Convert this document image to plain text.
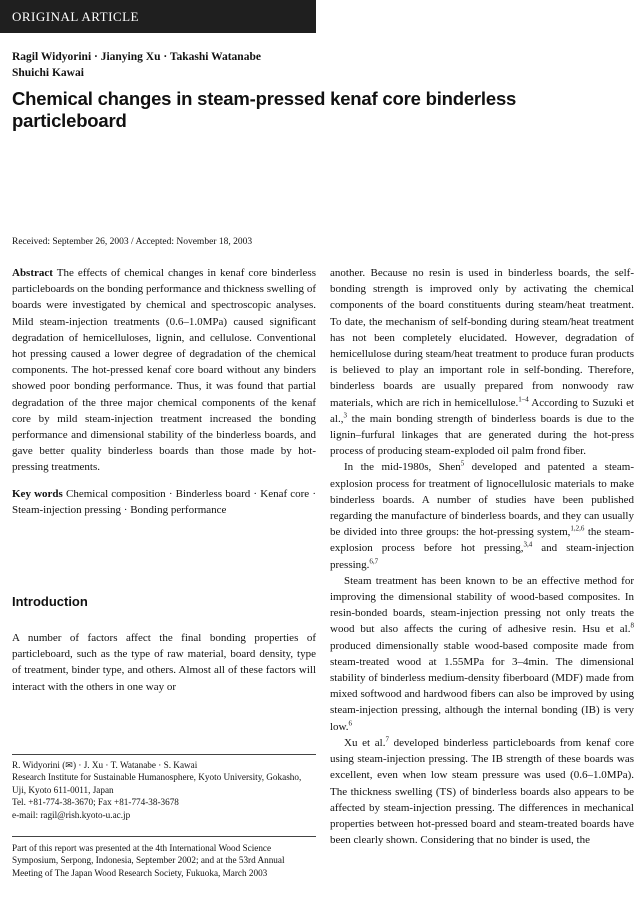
ORIGINAL ARTICLE
Ragil Widyorini · Jianying Xu · Takashi Watanabe
Shuichi Kawai
Chemical changes in steam-pressed kenaf core binderless particleboard
Received: September 26, 2003 / Accepted: November 18, 2003

Abstract The effects of chemical changes in kenaf core binderless particleboards on the bonding performance and thickness swelling of boards were investigated by chemical and spectroscopic analyses. Mild steam-injection treatments (0.6–1.0MPa) caused significant degradation of hemicelluloses, lignin, and cellulose. Conventional hot pressing caused a lower degree of degradation of the chemical components. The hot-pressed kenaf core board without any binders showed poor bonding performance. Thus, it was found that partial degradation of the three major chemical components of the kenaf core by mild steam-injection treatment increased the bonding performance and dimensional stability of the binderless boards, and gave better quality binderless boards than those made by hot-pressing treatments.

Key words Chemical composition · Binderless board · Kenaf core · Steam-injection pressing · Bonding performance

Introduction
A number of factors affect the final bonding properties of particleboard, such as the type of raw material, board density, type of treatment, binder type, and others. Almost all of these factors will interact with the others in one way or

R. Widyorini (✉) · J. Xu · T. Watanabe · S. Kawai

Research Institute for Sustainable Humanosphere, Kyoto University, Gokasho, Uji, Kyoto 611-0011, Japan

Tel. +81-774-38-3670; Fax +81-774-38-3678

e-mail: ragil@rish.kyoto-u.ac.jp

Part of this report was presented at the 4th International Wood Science Symposium, Serpong, Indonesia, September 2002; and at the 53rd Annual Meeting of The Japan Wood Research Society, Fukuoka, March 2003

another. Because no resin is used in binderless boards, the self-bonding strength is improved only by activating the chemical components of the board constituents during steam/heat treatment. To date, the mechanism of self-bonding during steam/heat treatment has not been completely elucidated. However, degradation of hemicellulose during steam/heat treatment to produce furan products is believed to play an important role in self-bonding. Therefore, binderless boards are usually prepared from nonwoody raw materials, which are rich in hemicellulose.$^{1-4}$ According to Suzuki et al.,$^3$ the main bonding strength of binderless boards is due to the lignin–furfural linkages that are generated during the hot-press process of producing steam-exploded oil palm frond fiber.

In the mid-1980s, Shen$^5$ developed and patented a steam-explosion process for treatment of lignocellulosic materials to make binderless boards. A number of studies have been published regarding the manufacture of binderless boards, and they can usually be divided into three groups: the hot-pressing system,$^{1,2,6}$ the steam-explosion process before hot pressing,$^{3,4}$ and steam-injection pressing.$^{6,7}$

Steam treatment has been known to be an effective method for improving the dimensional stability of wood-based composites. In resin-bonded boards, steam-injection pressing not only treats the wood but also affects the curing of adhesive resin. Hsu et al.$^8$ produced dimensionally stable wood-based composite made from steam-treated wood at 1.55MPa for 3–4min. The dimensional stability of binderless medium-density fiberboard (MDF) made from mixed softwood and hardwood fibers can also be improved by using steam-injection pressing, although the internal bonding (IB) is very low.$^6$

Xu et al.$^7$ developed binderless particleboards from kenaf core using steam-injection pressing. The IB strength of these boards was excellent, even when low steam pressure was used (0.6–1.0MPa). The thickness swelling (TS) of binderless boards also appears to be affected by steam-injection pressing. The differences in mechanical properties between hot-pressed board and steam-treated boards have been clearly shown. Considering that no binder is used, the
